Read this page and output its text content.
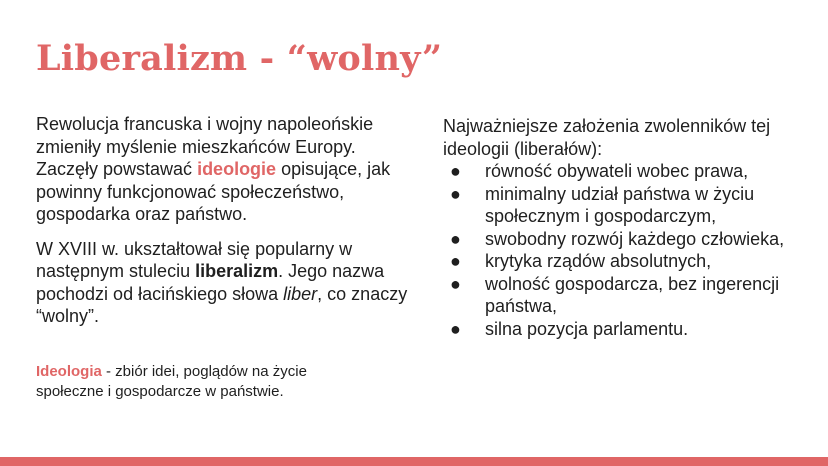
Liberalizm - “wolny”

Rewolucja francuska i wojny napoleońskie zmieniły myślenie mieszkańców Europy. Zaczęły powstawać ideologie opisujące, jak powinny funkcjonować społeczeństwo, gospodarka oraz państwo.

W XVIII w. ukształtował się popularny w następnym stuleciu liberalizm. Jego nazwa pochodzi od łacińskiego słowa liber, co znaczy “wolny”.

Ideologia - zbiór idei, poglądów na życie społeczne i gospodarcze w państwie.

Najważniejsze założenia zwolenników tej ideologii (liberałów):

● równość obywateli wobec prawa,
● minimalny udział państwa w życiu społecznym i gospodarczym,
● swobodny rozwój każdego człowieka,
● krytyka rządów absolutnych,
● wolność gospodarcza, bez ingerencji państwa,
● silna pozycja parlamentu.
